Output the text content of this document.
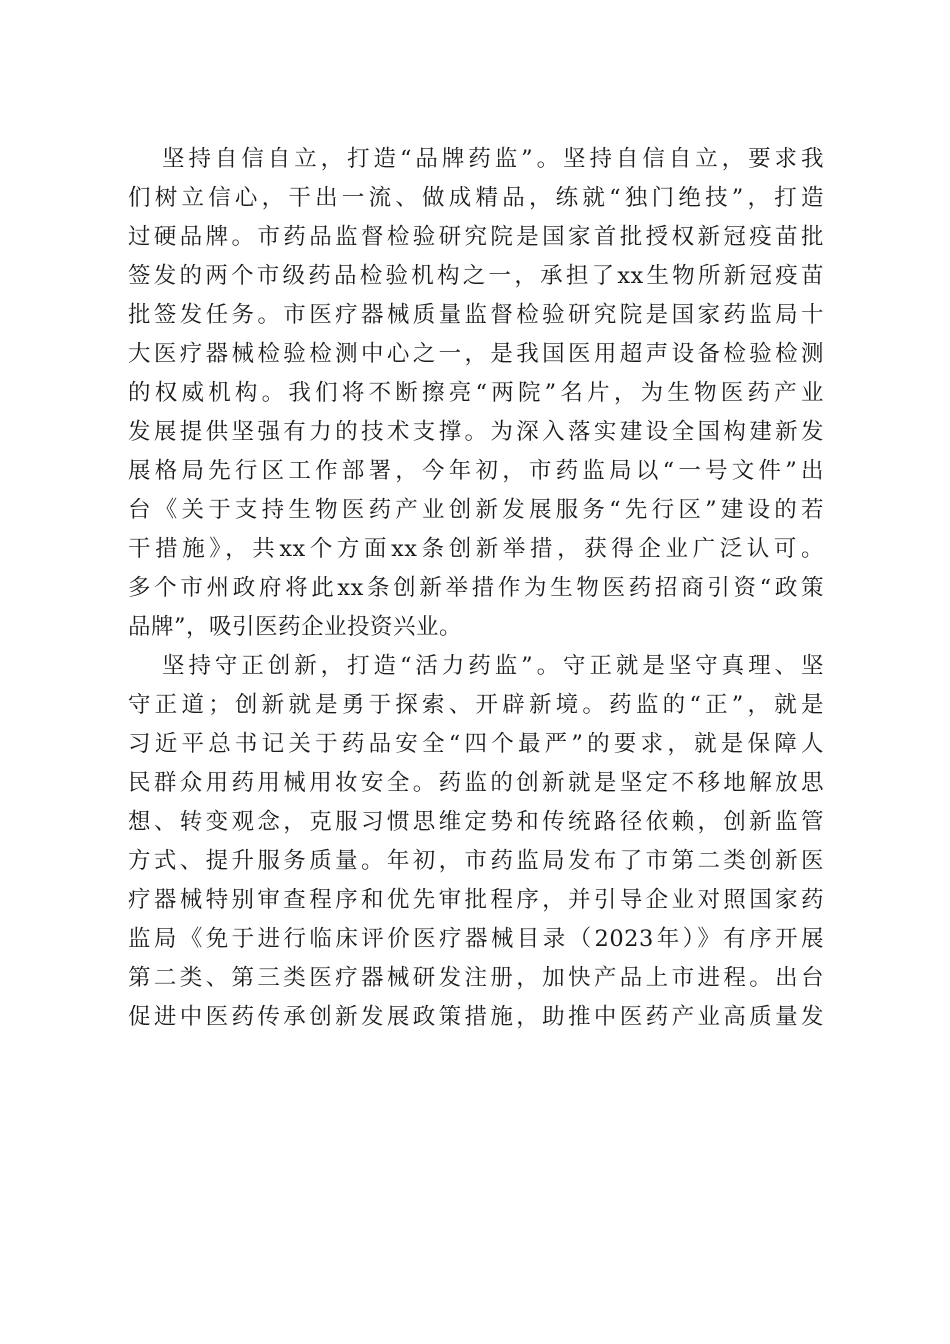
坚持自信自立，打造“品牌药监”。坚持自信自立，要求我
们树立信心，干出一流、做成精品，练就“独门绝技”，打造
过硬品牌。市药品监督检验研究院是国家首批授权新冠疫苗批
签发的两个市级药品检验机构之一，承担了xx生物所新冠疫苗
批签发任务。市医疗器械质量监督检验研究院是国家药监局十
大医疗器械检验检测中心之一，是我国医用超声设备检验检测
的权威机构。我们将不断擦亮“两院”名片，为生物医药产业
发展提供坚强有力的技术支撑。为深入落实建设全国构建新发
展格局先行区工作部署，今年初，市药监局以“一号文件”出
台《关于支持生物医药产业创新发展服务“先行区”建设的若
干措施》，共xx个方面xx条创新举措，获得企业广泛认可。
多个市州政府将此xx条创新举措作为生物医药招商引资“政策
品牌”，吸引医药企业投资兴业。
坚持守正创新，打造“活力药监”。守正就是坚守真理、坚
守正道；创新就是勇于探索、开辟新境。药监的“正”，就是
习近平总书记关于药品安全“四个最严”的要求，就是保障人
民群众用药用械用妆安全。药监的创新就是坚定不移地解放思
想、转变观念，克服习惯思维定势和传统路径依赖，创新监管
方式、提升服务质量。年初，市药监局发布了市第二类创新医
疗器械特别审查程序和优先审批程序，并引导企业对照国家药
监局《免于进行临床评价医疗器械目录（2023年）》有序开展
第二类、第三类医疗器械研发注册，加快产品上市进程。出台
促进中医药传承创新发展政策措施，助推中医药产业高质量发
